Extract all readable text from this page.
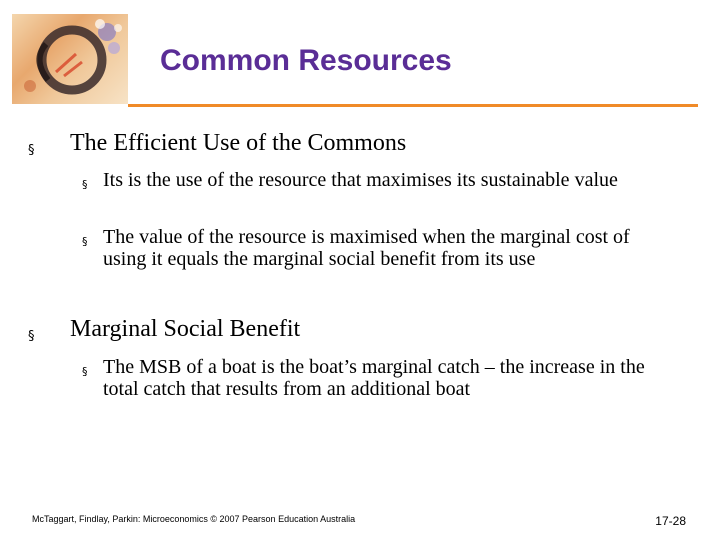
Common Resources
§ The Efficient Use of the Commons
§ Its is the use of the resource that maximises its sustainable value
§ The value of the resource is maximised when the marginal cost of using it equals the marginal social benefit from its use
§ Marginal Social Benefit
§ The MSB of a boat is the boat’s marginal catch – the increase in the total catch that results from an additional boat
McTaggart, Findlay, Parkin: Microeconomics © 2007 Pearson Education Australia	17-28
